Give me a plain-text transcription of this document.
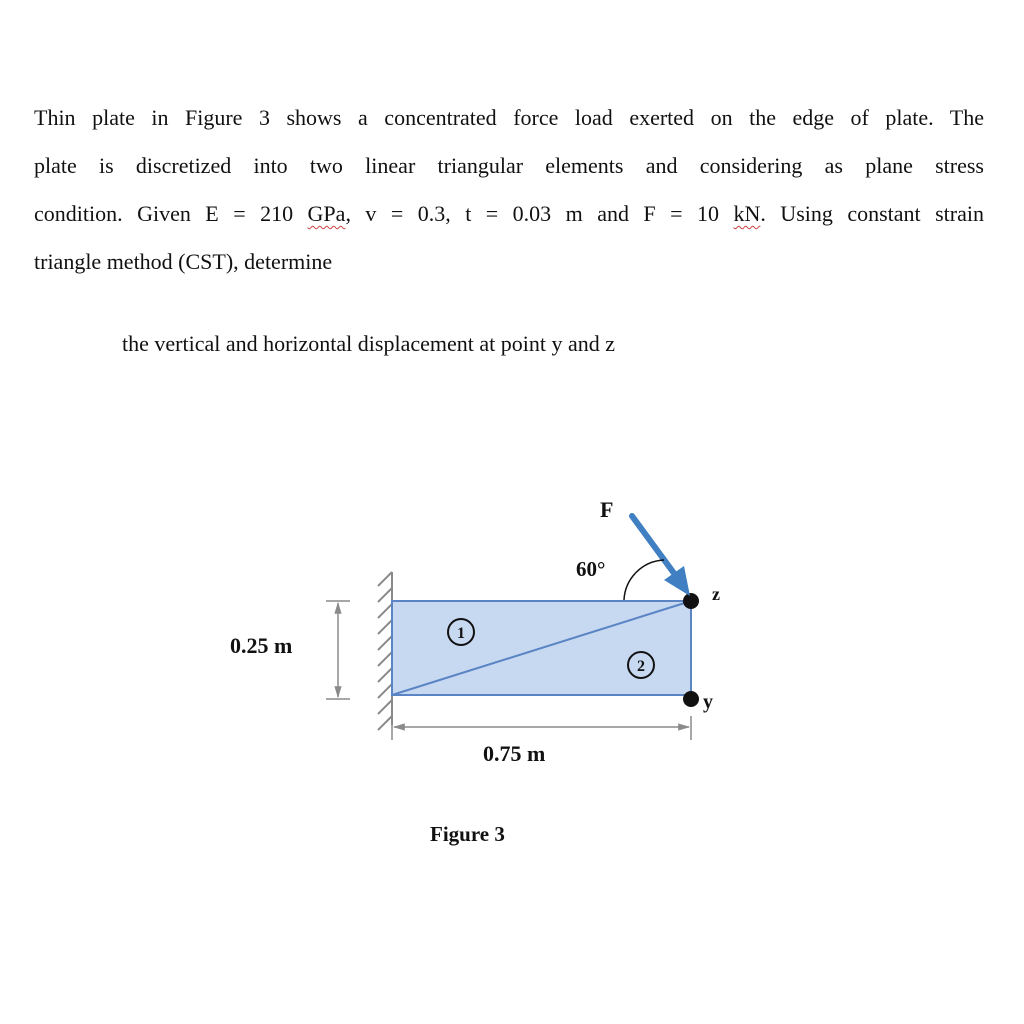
Thin plate in Figure 3 shows a concentrated force load exerted on the edge of plate. The
plate is discretized into two linear triangular elements and considering as plane stress
condition. Given E = 210 GPa, v = 0.3, t = 0.03 m and F = 10 kN. Using constant strain
triangle method (CST), determine
the vertical and horizontal displacement at point y and z
1
2
z
y
F
60°
0.25 m
0.75 m
Figure 3
